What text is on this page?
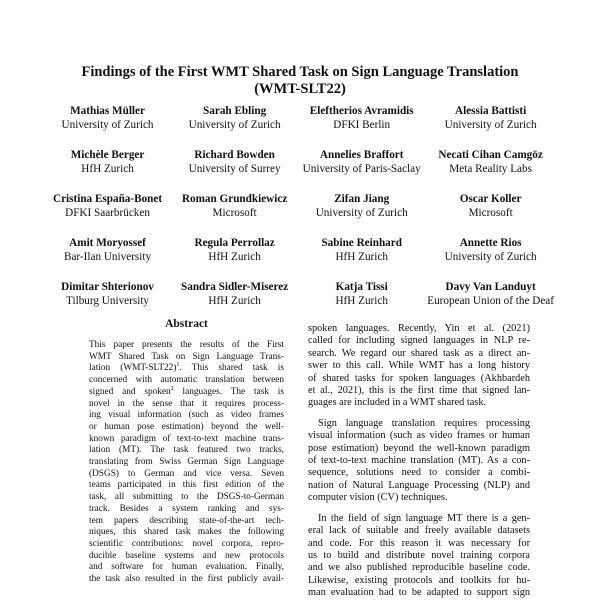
Findings of the First WMT Shared Task on Sign Language Translation
(WMT-SLT22)
Mathias Müller
University of Zurich
Sarah Ebling
University of Zurich
Eleftherios Avramidis
DFKI Berlin
Alessia Battisti
University of Zurich
Michèle Berger
HfH Zurich
Richard Bowden
University of Surrey
Annelies Braffort
University of Paris-Saclay
Necati Cihan Camgöz
Meta Reality Labs
Cristina España-Bonet
DFKI Saarbrücken
Roman Grundkiewicz
Microsoft
Zifan Jiang
University of Zurich
Oscar Koller
Microsoft
Amit Moryossef
Bar-Ilan University
Regula Perrollaz
HfH Zurich
Sabine Reinhard
HfH Zurich
Annette Rios
University of Zurich
Dimitar Shterionov
Tilburg University
Sandra Sidler-Miserez
HfH Zurich
Katja Tissi
HfH Zurich
Davy Van Landuyt
European Union of the Deaf
Abstract
This paper presents the results of the First
WMT Shared Task on Sign Language Trans-
lation $(WMT-SLT22)^1$. This shared task is
concerned with automatic translation between
signed and spoken$^2$ languages. The task is
novel in the sense that it requires process-
ing visual information (such as video frames
or human pose estimation) beyond the well-
known paradigm of text-to-text machine trans-
lation (MT). The task featured two tracks,
translating from Swiss German Sign Language
(DSGS) to German and vice versa. Seven
teams participated in this first edition of the
task, all submitting to the DSGS-to-German
track. Besides a system ranking and sys-
tem papers describing state-of-the-art tech-
niques, this shared task makes the following
scientific contributions: novel corpora, repro-
ducible baseline systems and new protocols
and software for human evaluation. Finally,
the task also resulted in the first publicly avail-
spoken languages. Recently, Yin et al. (2021)
called for including signed languages in NLP re-
search. We regard our shared task as a direct an-
swer to this call. While WMT has a long history
of shared tasks for spoken languages (Akhbardeh
et al., 2021), this is the first time that signed lan-
guages are included in a WMT shared task.
Sign language translation requires processing
visual information (such as video frames or human
pose estimation) beyond the well-known paradigm
of text-to-text machine translation (MT). As a con-
sequence, solutions need to consider a combi-
nation of Natural Language Processing (NLP) and
computer vision (CV) techniques.
In the field of sign language MT there is a gen-
eral lack of suitable and freely available datasets
and code. For this reason it was necessary for
us to build and distribute novel training corpora
and we also published reproducible baseline code.
Likewise, existing protocols and toolkits for hu-
man evaluation had to be adapted to support sign
